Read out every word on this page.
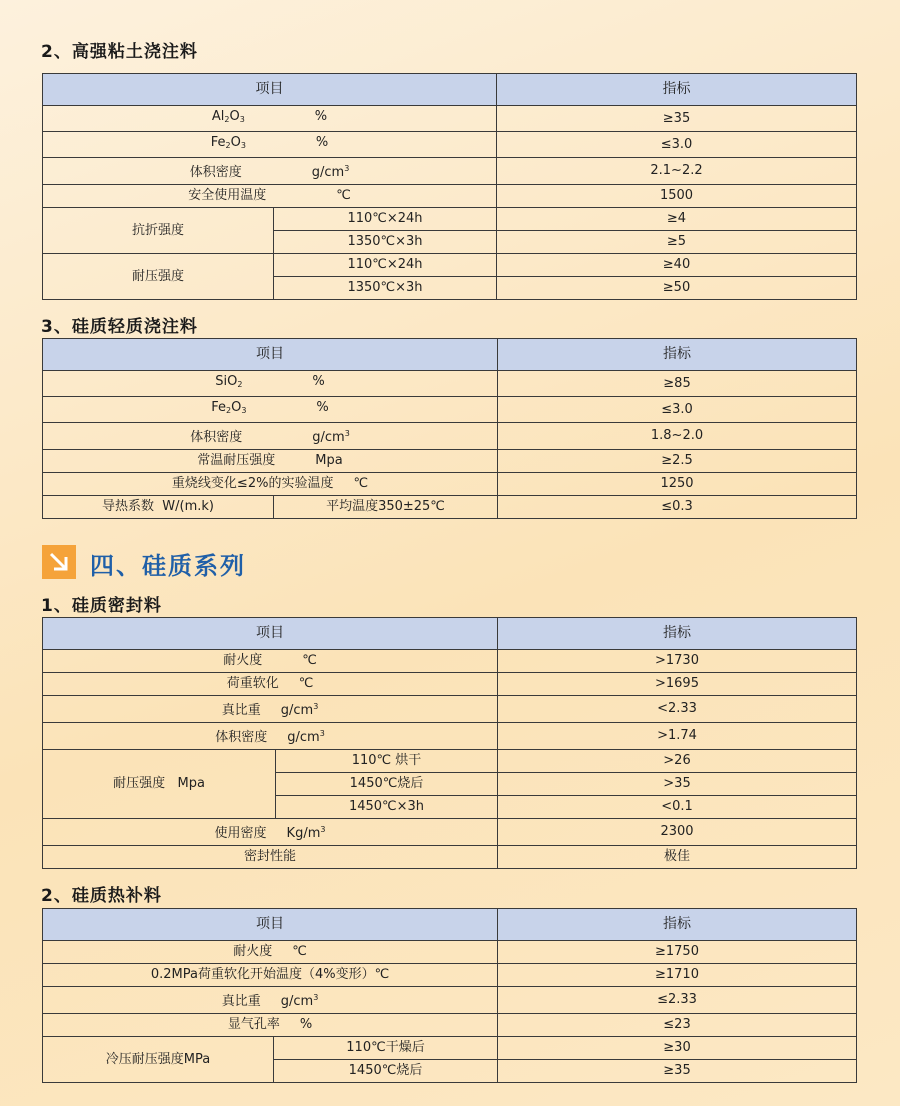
2、高强粘土浇注料
项目		指标
$Al_2O_3$ %		≥35
$Fe_2O_3$ %		≤3.0
体积密度 $g/cm^3$		2.1~2.2
安全使用温度 ℃		1500
抗折强度	110℃×24h	≥4
	1350℃×3h	≥5
耐压强度	110℃×24h	≥40
	1350℃×3h	≥50
3、硅质轻质浇注料
项目		指标
SiO$_2$ %		≥85
$Fe_2O_3$ %		≤3.0
体积密度 $g/cm^3$		1.8~2.0
常温耐压强度 Mpa		≥2.5
重烧线变化≤2%的实验温度 ℃		1250
导热系数  W/(m.k)	平均温度350±25℃	≤0.3
四、硅质系列
1、硅质密封料
项目		指标
耐火度 ℃		>1730
荷重软化 ℃		>1695
真比重 $g/cm^3$		<2.33
体积密度 $g/cm^3$		>1.74
耐压强度   Mpa	110℃ 烘干	>26
	1450℃烧后	>35
	1450℃×3h	<0.1
使用密度 $Kg/m^3$		2300
密封性能		极佳
2、硅质热补料
项目		指标
耐火度 ℃		≥1750
0.2MPa荷重软化开始温度（4%变形）℃		≥1710
真比重 $g/cm^3$		≤2.33
显气孔率 %		≤23
冷压耐压强度MPa	110℃干燥后	≥30
	1450℃烧后	≥35
